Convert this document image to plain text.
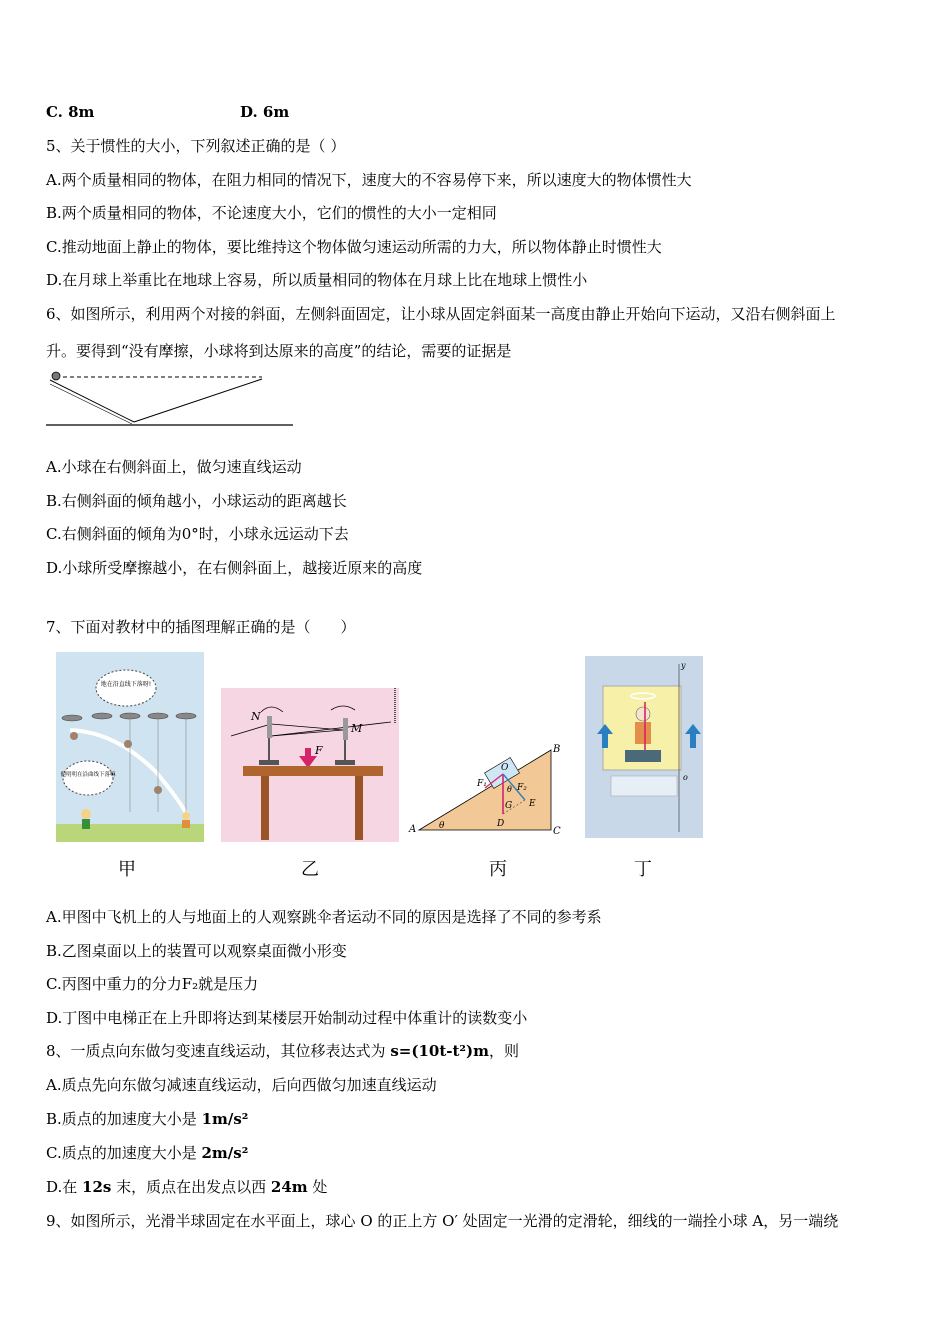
C. 8m	D. 6m
5、关于惯性的大小，下列叙述正确的是（ ）
A.两个质量相同的物体，在阻力相同的情况下，速度大的不容易停下来，所以速度大的物体惯性大
B.两个质量相同的物体，不论速度大小，它们的惯性的大小一定相同
C.推动地面上静止的物体，要比维持这个物体做匀速运动所需的力大，所以物体静止时惯性大
D.在月球上举重比在地球上容易，所以质量相同的物体在月球上比在地球上惯性小
6、如图所示，利用两个对接的斜面，左侧斜面固定，让小球从固定斜面某一高度由静止开始向下运动，又沿右侧斜面上
升。要得到“没有摩擦，小球将到达原来的高度”的结论，需要的证据是
A.小球在右侧斜面上，做匀速直线运动
B.右侧斜面的倾角越小，小球运动的距离越长
C.右侧斜面的倾角为0°时，小球永远运动下去
D.小球所受摩擦越小，在右侧斜面上，越接近原来的高度
7、下面对教材中的插图理解正确的是（　　）
地在沿直线下落呀!
他明明在沿曲线下落嘛
N
M
F
A
B
C
θ
O
F₁	F₂
G
θ
E
D
y
o
甲	乙	丙	丁
A.甲图中飞机上的人与地面上的人观察跳伞者运动不同的原因是选择了不同的参考系
B.乙图桌面以上的装置可以观察桌面微小形变
C.丙图中重力的分力F₂就是压力
D.丁图中电梯正在上升即将达到某楼层开始制动过程中体重计的读数变小
8、一质点向东做匀变速直线运动，其位移表达式为 s=(10t-t²)m，则
A.质点先向东做匀减速直线运动，后向西做匀加速直线运动
B.质点的加速度大小是 1m/s²
C.质点的加速度大小是 2m/s²
D.在 12s 末，质点在出发点以西 24m 处
9、如图所示，光滑半球固定在水平面上，球心 O 的正上方 O′ 处固定一光滑的定滑轮，细线的一端拴小球 A，另一端绕
